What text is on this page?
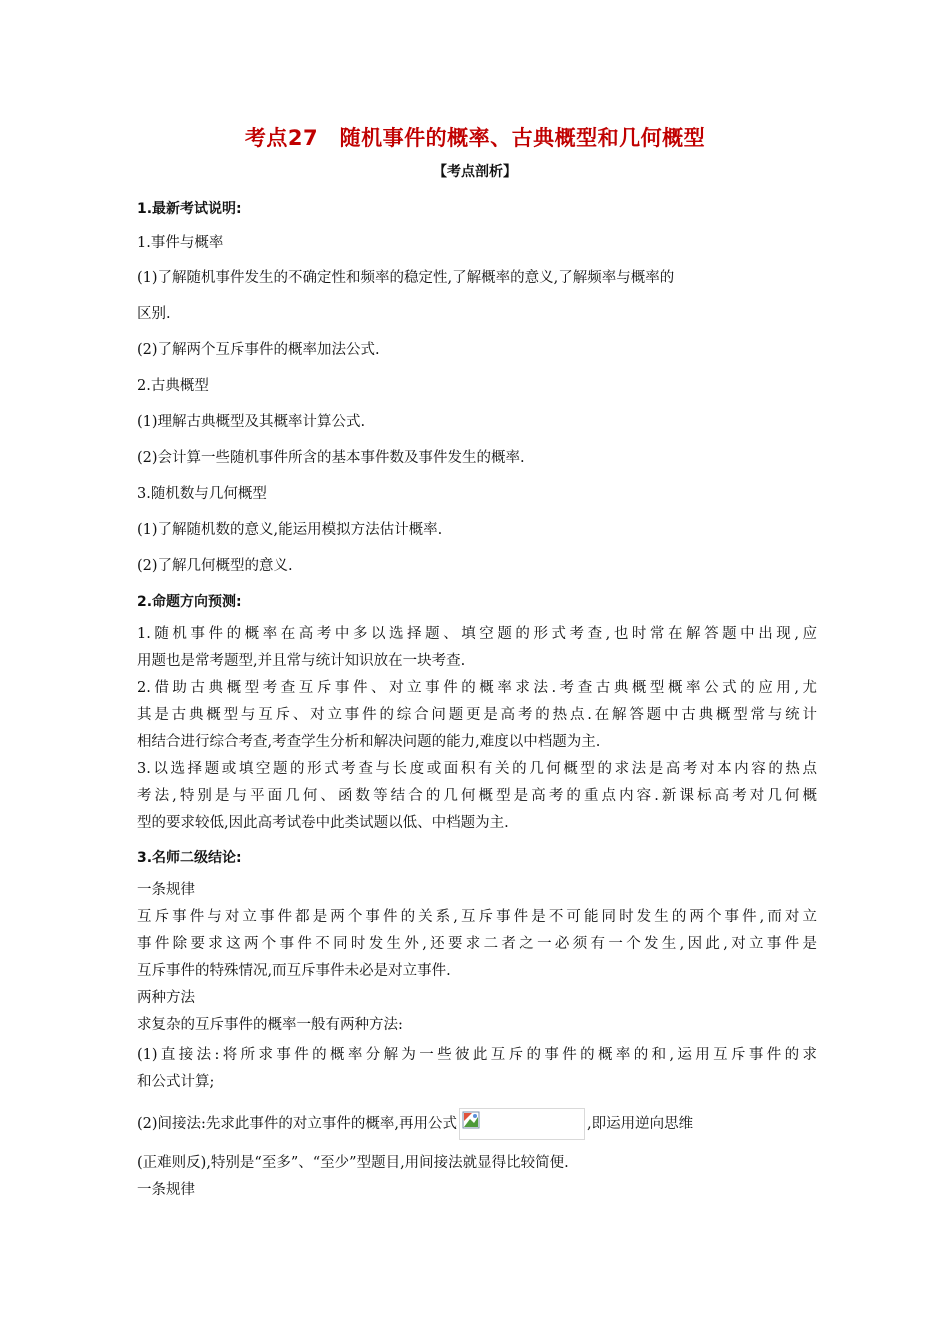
考点27　随机事件的概率、古典概型和几何概型
【考点剖析】
1.最新考试说明:
1.事件与概率
(1)了解随机事件发生的不确定性和频率的稳定性,了解概率的意义,了解频率与概率的
区别.
(2)了解两个互斥事件的概率加法公式.
2.古典概型
(1)理解古典概型及其概率计算公式.
(2)会计算一些随机事件所含的基本事件数及事件发生的概率.
3.随机数与几何概型
(1)了解随机数的意义,能运用模拟方法估计概率.
(2)了解几何概型的意义.
2.命题方向预测:
1.随机事件的概率在高考中多以选择题、填空题的形式考查,也时常在解答题中出现,应
用题也是常考题型,并且常与统计知识放在一块考查.
2.借助古典概型考查互斥事件、对立事件的概率求法.考查古典概型概率公式的应用,尤
其是古典概型与互斥、对立事件的综合问题更是高考的热点.在解答题中古典概型常与统计
相结合进行综合考查,考查学生分析和解决问题的能力,难度以中档题为主.
3.以选择题或填空题的形式考查与长度或面积有关的几何概型的求法是高考对本内容的热点
考法,特别是与平面几何、函数等结合的几何概型是高考的重点内容.新课标高考对几何概
型的要求较低,因此高考试卷中此类试题以低、中档题为主.
3.名师二级结论:
一条规律
互斥事件与对立事件都是两个事件的关系,互斥事件是不可能同时发生的两个事件,而对立
事件除要求这两个事件不同时发生外,还要求二者之一必须有一个发生,因此,对立事件是
互斥事件的特殊情况,而互斥事件未必是对立事件.
两种方法
求复杂的互斥事件的概率一般有两种方法:
(1)直接法:将所求事件的概率分解为一些彼此互斥的事件的概率的和,运用互斥事件的求
和公式计算;
(2)间接法:先求此事件的对立事件的概率,再用公式	,即运用逆向思维
(正难则反),特别是“至多”、“至少”型题目,用间接法就显得比较简便.
一条规律
